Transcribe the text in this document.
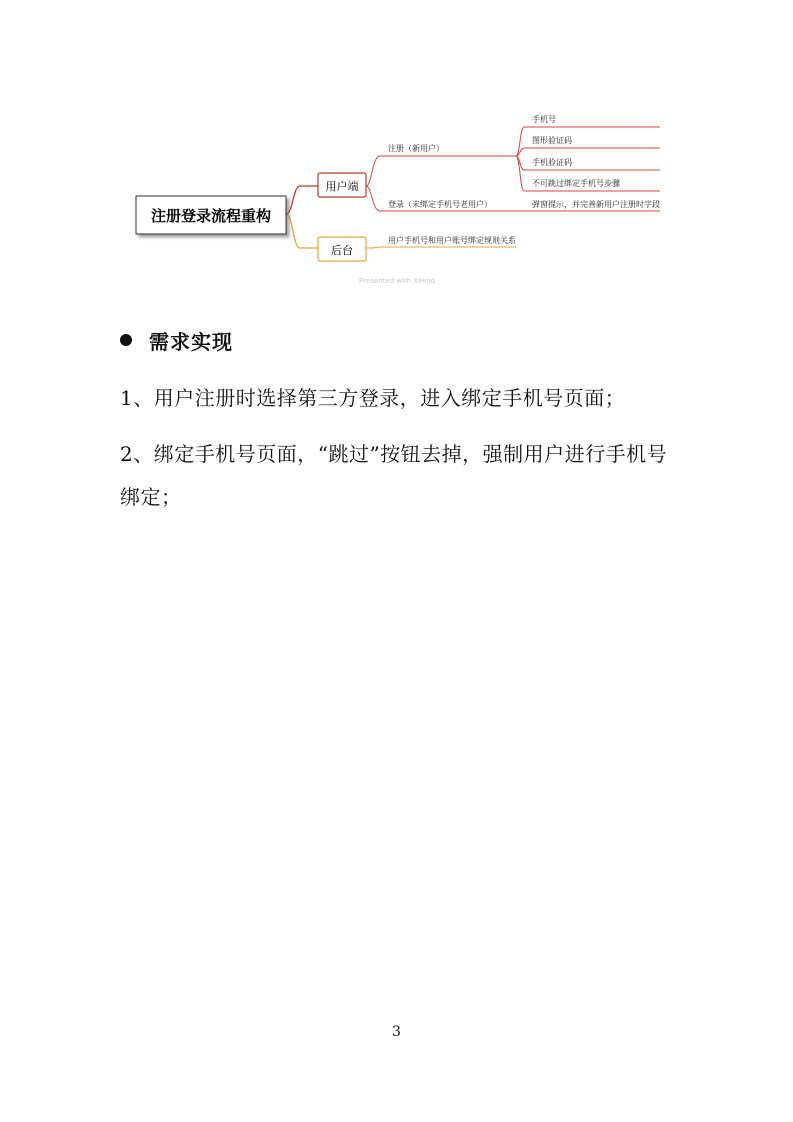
注册登录流程重构
用户端
后台
注册（新用户）
登录（未绑定手机号老用户）
用户手机号和用户账号绑定规则关系
手机号
图形验证码
手机验证码
不可跳过绑定手机号步骤
弹窗提示，并完善新用户注册时字段
Presented with XMind
需求实现

1、用户注册时选择第三方登录，进入绑定手机号页面；

2、绑定手机号页面，“跳过”按钮去掉，强制用户进行手机号绑定；

3
